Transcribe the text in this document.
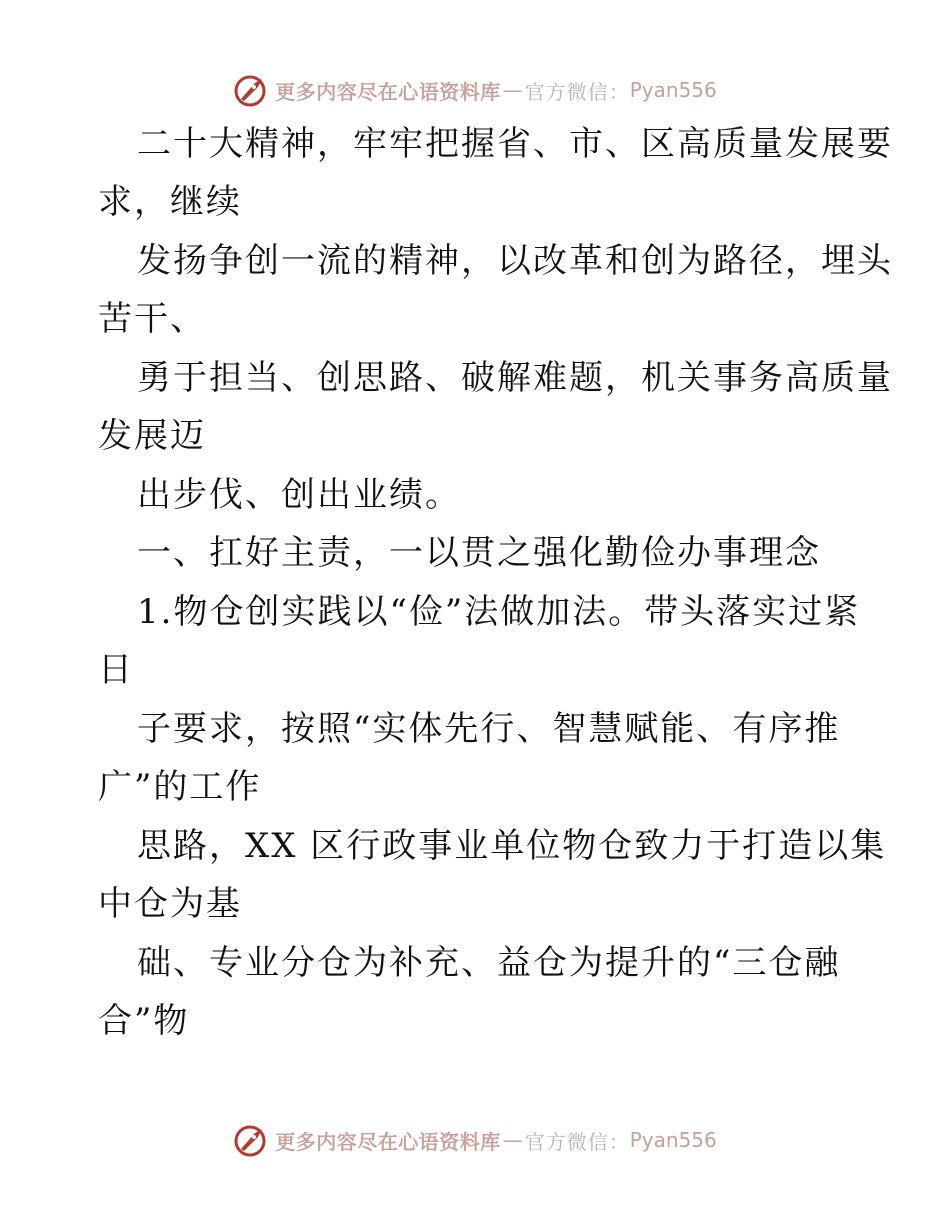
更多内容尽在心语资料库 — 官方微信： Pyan556
二十大精神，牢牢把握省、市、区高质量发展要
求，继续
发扬争创一流的精神，以改革和创为路径，埋头
苦干、
勇于担当、创思路、破解难题，机关事务高质量
发展迈
出步伐、创出业绩。
一、扛好主责，一以贯之强化勤俭办事理念
1.物仓创实践以“俭”法做加法。带头落实过紧
日
子要求，按照“实体先行、智慧赋能、有序推
广”的工作
思路，XX 区行政事业单位物仓致力于打造以集
中仓为基
础、专业分仓为补充、益仓为提升的“三仓融
合”物
更多内容尽在心语资料库 — 官方微信： Pyan556
